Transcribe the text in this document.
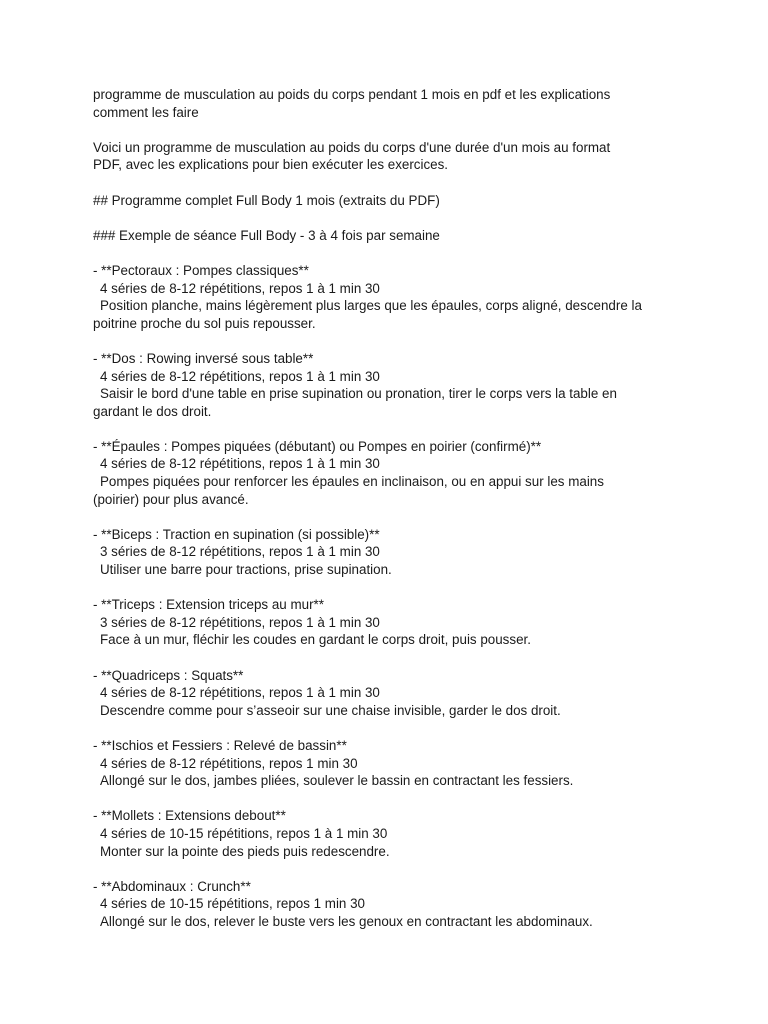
programme de musculation au poids du corps pendant 1 mois en pdf et les explications
comment les faire
Voici un programme de musculation au poids du corps d'une durée d'un mois au format
PDF, avec les explications pour bien exécuter les exercices.
## Programme complet Full Body 1 mois (extraits du PDF)
### Exemple de séance Full Body - 3 à 4 fois par semaine
- **Pectoraux : Pompes classiques**
4 séries de 8-12 répétitions, repos 1 à 1 min 30
Position planche, mains légèrement plus larges que les épaules, corps aligné, descendre la
poitrine proche du sol puis repousser.
- **Dos : Rowing inversé sous table**
4 séries de 8-12 répétitions, repos 1 à 1 min 30
Saisir le bord d'une table en prise supination ou pronation, tirer le corps vers la table en
gardant le dos droit.
- **Épaules : Pompes piquées (débutant) ou Pompes en poirier (confirmé)**
4 séries de 8-12 répétitions, repos 1 à 1 min 30
Pompes piquées pour renforcer les épaules en inclinaison, ou en appui sur les mains
(poirier) pour plus avancé.
- **Biceps : Traction en supination (si possible)**
3 séries de 8-12 répétitions, repos 1 à 1 min 30
Utiliser une barre pour tractions, prise supination.
- **Triceps : Extension triceps au mur**
3 séries de 8-12 répétitions, repos 1 à 1 min 30
Face à un mur, fléchir les coudes en gardant le corps droit, puis pousser.
- **Quadriceps : Squats**
4 séries de 8-12 répétitions, repos 1 à 1 min 30
Descendre comme pour s’asseoir sur une chaise invisible, garder le dos droit.
- **Ischios et Fessiers : Relevé de bassin**
4 séries de 8-12 répétitions, repos 1 min 30
Allongé sur le dos, jambes pliées, soulever le bassin en contractant les fessiers.
- **Mollets : Extensions debout**
4 séries de 10-15 répétitions, repos 1 à 1 min 30
Monter sur la pointe des pieds puis redescendre.
- **Abdominaux : Crunch**
4 séries de 10-15 répétitions, repos 1 min 30
Allongé sur le dos, relever le buste vers les genoux en contractant les abdominaux.
